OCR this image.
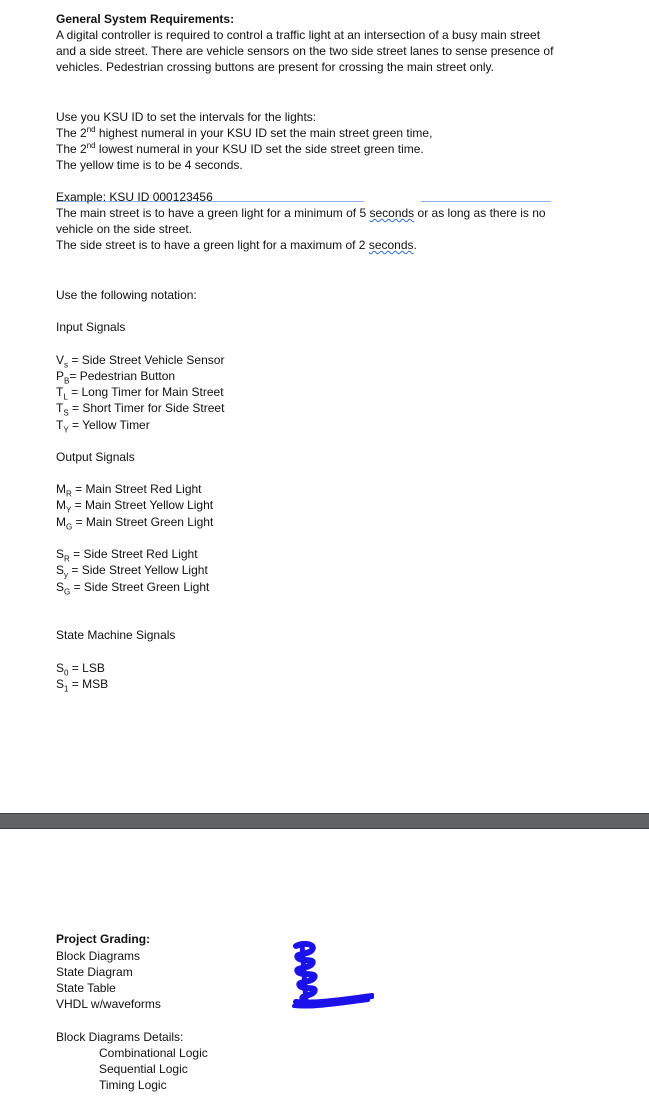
General System Requirements:
A digital controller is required to control a traffic light at an intersection of a busy main street
and a side street. There are vehicle sensors on the two side street lanes to sense presence of
vehicles. Pedestrian crossing buttons are present for crossing the main street only.
Use you KSU ID to set the intervals for the lights:
The 2nd highest numeral in your KSU ID set the main street green time,
The 2nd lowest numeral in your KSU ID set the side street green time.
The yellow time is to be 4 seconds.
Example: KSU ID 000123456
The main street is to have a green light for a minimum of 5 seconds or as long as there is no
vehicle on the side street.
The side street is to have a green light for a maximum of 2 seconds.
Use the following notation:
Input Signals
$V_s$ = Side Street Vehicle Sensor
$P_B=$ Pedestrian Button
$T_L$ = Long Timer for Main Street
$T_S$ = Short Timer for Side Street
$T_Y$ = Yellow Timer
Output Signals
$M_R$ = Main Street Red Light
$M_Y$ = Main Street Yellow Light
$M_G$ = Main Street Green Light
$S_R$ = Side Street Red Light
$S_y$ = Side Street Yellow Light
$S_G$ = Side Street Green Light
State Machine Signals
$S_0$ = LSB
$S_1$ = MSB
Project Grading:
Block Diagrams
State Diagram
State Table
VHDL w/waveforms
Block Diagrams Details:
Combinational Logic
Sequential Logic
Timing Logic
